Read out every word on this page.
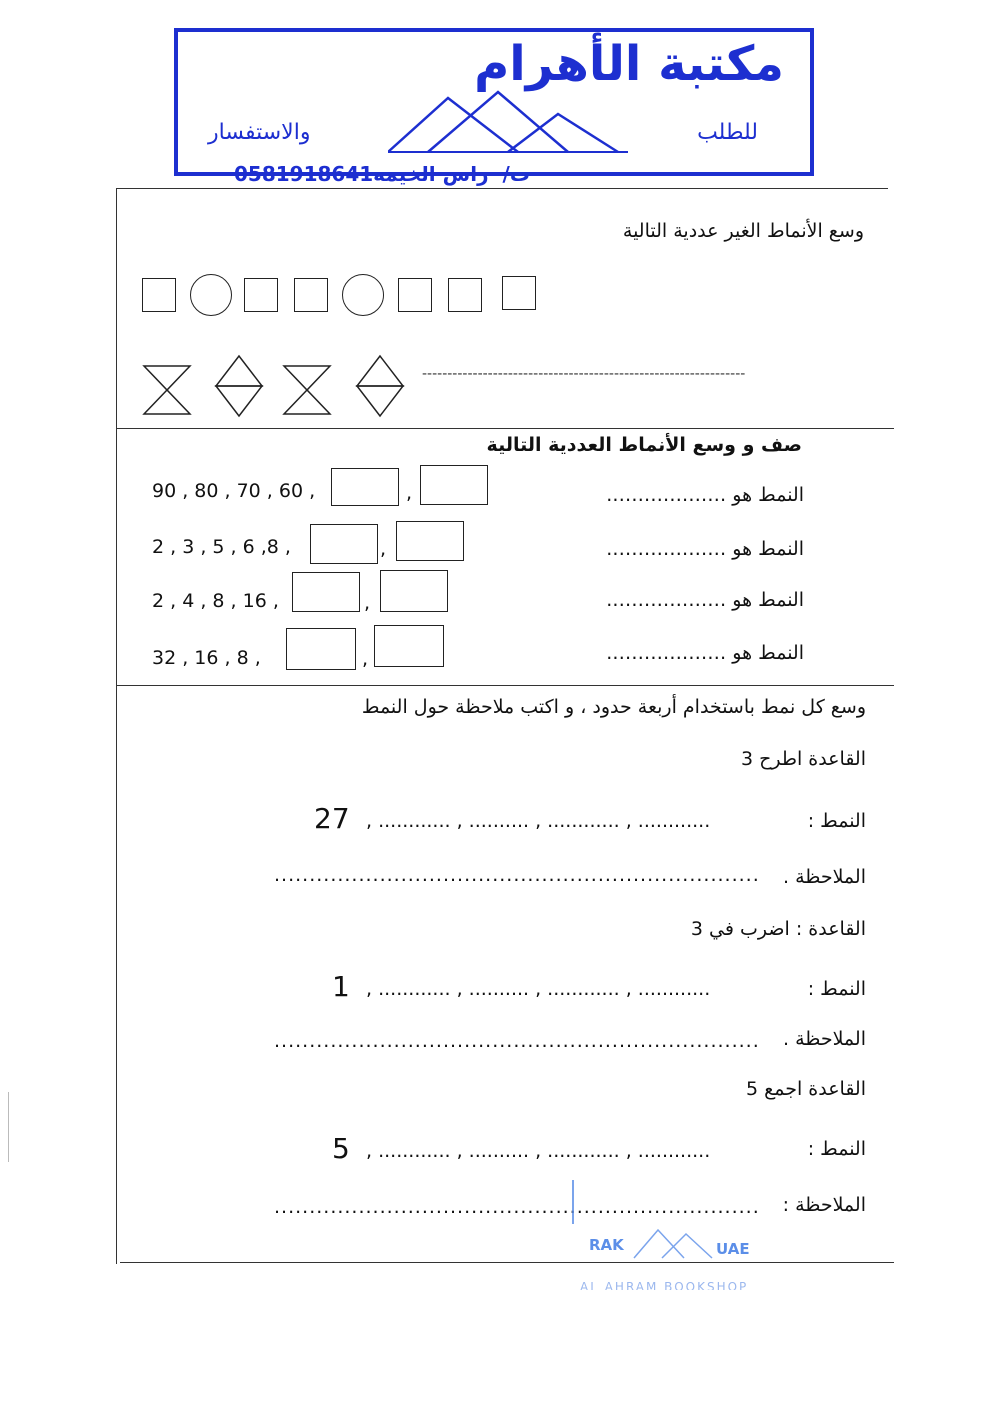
مكتبة الأهرام
للطلب
والاستفسار
0581918641	ت/  راس الخيمه
وسع الأنماط الغير عددية التالية
----------------------------------------------------------------
صف و وسع الأنماط العددية التالية
90 , 80 , 70 , 60 ,	,	النمط هو ……………….
2 , 3 , 5 , 6 ,8 ,	,	النمط هو ……………….
2 , 4 , 8 , 16 ,	,	النمط هو ……………….
32 , 16 , 8 ,	,	النمط هو ……………….
وسع كل نمط باستخدام أربعة حدود ، و اكتب ملاحظة حول النمط
القاعدة اطرح 3
النمط :
27 , ............ , .......... , ............ , ............
الملاحظة .
.....................................................................
القاعدة : اضرب في 3
النمط :
1 , ............ , .......... , ............ , ............
الملاحظة .
.....................................................................
القاعدة اجمع 5
النمط :
5 , ............ , .......... , ............ , ............
الملاحظة :
.....................................................................
RAK	UAE
AL AHRAM BOOKSHOP
